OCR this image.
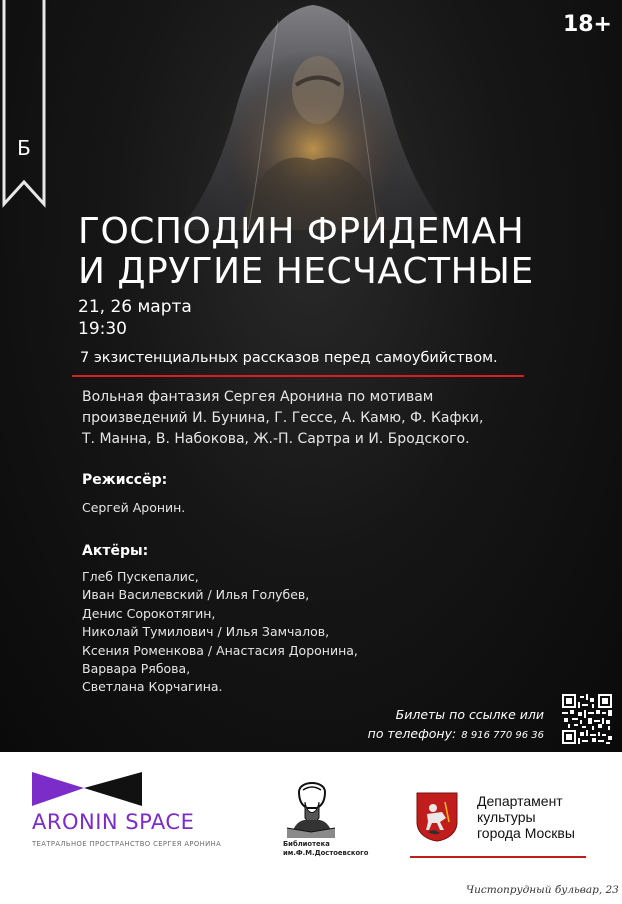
18+
Б
ГОСПОДИН ФРИДЕМАН
И ДРУГИЕ НЕСЧАСТНЫЕ
21, 26 марта
19:30
7 экзистенциальных рассказов перед самоубийством.
Вольная фантазия Сергея Аронина по мотивам
произведений И. Бунина, Г. Гессе, А. Камю, Ф. Кафки,
Т. Манна, В. Набокова, Ж.-П. Сартра и И. Бродского.
Режиссёр:
Сергей Аронин.
Актёры:
Глеб Пускепалис,
Иван Василевский / Илья Голубев,
Денис Сорокотягин,
Николай Тумилович / Илья Замчалов,
Ксения Роменкова / Анастасия Доронина,
Варвара Рябова,
Светлана Корчагина.
Билеты по ссылке или
по телефону: 8 916 770 96 36
ARONIN SPACE
ТЕАТРАЛЬНОЕ ПРОСТРАНСТВО СЕРГЕЯ АРОНИНА	Библиотека
им.Ф.М.Достоевского
Департамент
культуры
города Москвы
Чистопрудный бульвар, 23
